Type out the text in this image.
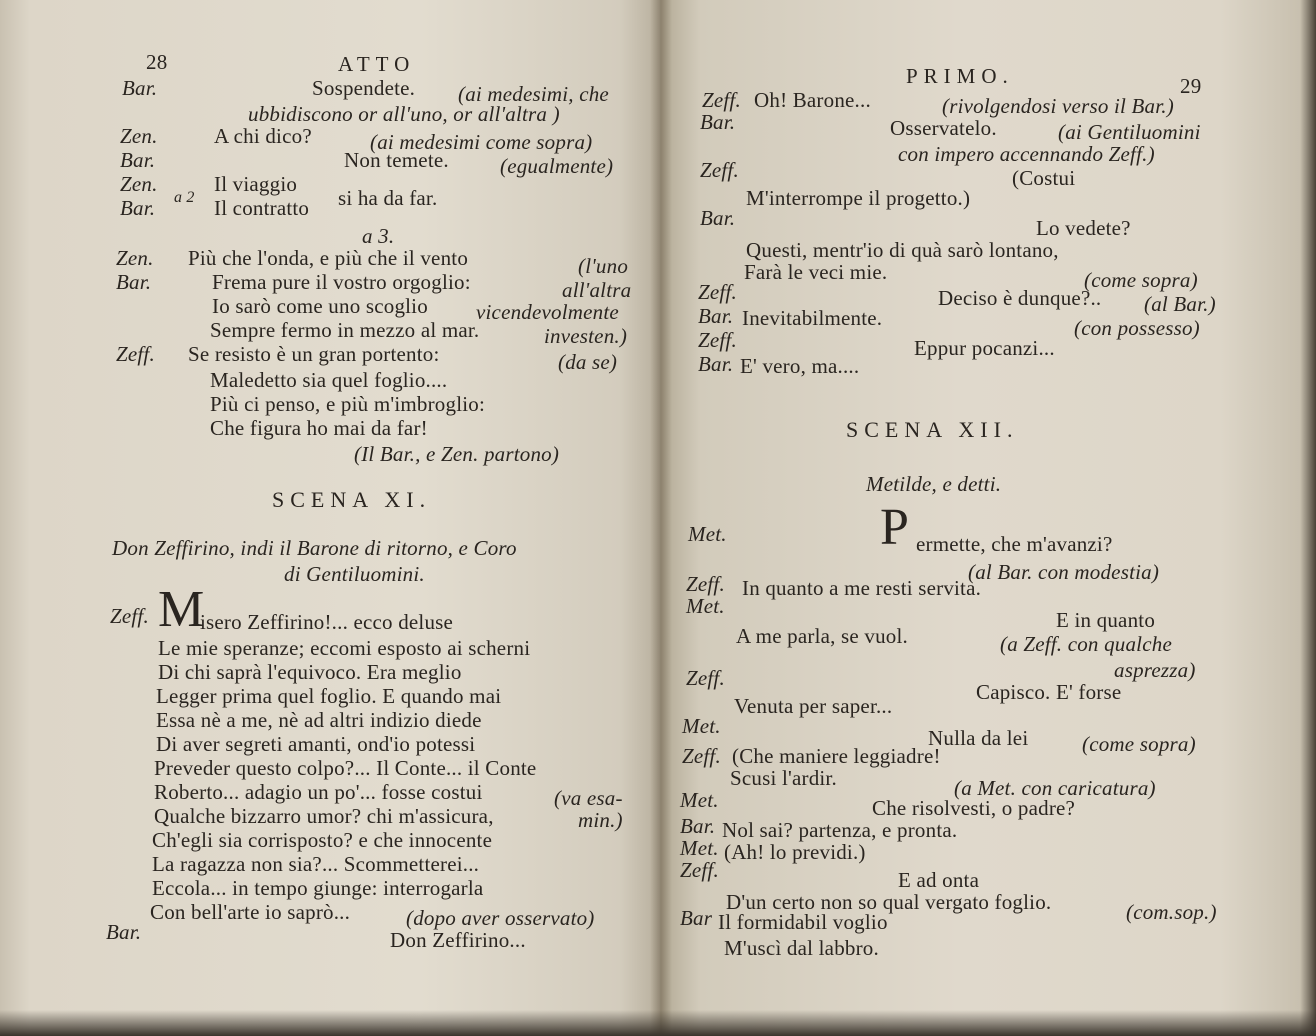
28	ATTO
Bar.	Sospendete. (ai medesimi, che
ubbidiscono or all'uno, or all'altra )
Zen.	A chi dico?	(ai medesimi come sopra)
Bar.	Non temete. (egualmente)
Zen.	Il viaggio
Bar. a 2 Il contratto si ha da far.
a 3.
Zen. Più che l'onda, e più che il vento	(l'uno
Bar.	Frema pure il vostro orgoglio:	all'altra
Io sarò come uno scoglio vicendevolmente
Sempre fermo in mezzo al mar.	investen.)
Zeff. Se resisto è un gran portento:	(da se)
Maledetto sia quel foglio....
Più ci penso, e più m'imbroglio:
Che figura ho mai da far!
(Il Bar., e Zen. partono)
SCENA XI.
Don Zeffirino, indi il Barone di ritorno, e Coro
di Gentiluomini.
Zeff. M
isero Zeffirino!... ecco deluse
Le mie speranze; eccomi esposto ai scherni
Di chi saprà l'equivoco. Era meglio
Legger prima quel foglio. E quando mai
Essa nè a me, nè ad altri indizio diede
Di aver segreti amanti, ond'io potessi
Preveder questo colpo?... Il Conte... il Conte
Roberto... adagio un po'... fosse costui	(va esa-
Qualche bizzarro umor? chi m'assicura,	min.)
Ch'egli sia corrisposto? e che innocente
La ragazza non sia?... Scommetterei...
Eccola... in tempo giunge: interrogarla
Con bell'arte io saprò...	(dopo aver osservato)
Bar.	Don Zeffirino...
PRIMO.	29
Zeff. Oh! Barone...	(rivolgendosi verso il Bar.)
Bar.	Osservatelo.	(ai Gentiluomini
con impero accennando Zeff.)
Zeff.	(Costui
M'interrompe il progetto.)
Bar.	Lo vedete?
Questi, mentr'io di quà sarò lontano,
Farà le veci mie.	(come sopra)
Zeff.	Deciso è dunque?.. (al Bar.)
Bar. Inevitabilmente.	(con possesso)
Zeff.	Eppur pocanzi...
Bar. E' vero, ma....
SCENA XII.
Metilde, e detti.
Met.	P ermette, che m'avanzi?
(al Bar. con modestia)
Zeff. In quanto a me resti servita.
Met.
E in quanto
A me parla, se vuol.	(a Zeff. con qualche
asprezza)
Zeff.
Capisco. E' forse
Venuta per saper...
Met.	Nulla da lei	(come sopra)
Zeff. (Che maniere leggiadre!
Scusi l'ardir.	(a Met. con caricatura)
Met.	Che risolvesti, o padre?
Bar. Nol sai? partenza, e pronta.
Met. (Ah! lo previdi.)
Zeff.	E ad onta
D'un certo non so qual vergato foglio.	(com.sop.)
Bar Il formidabil voglio
M'uscì dal labbro.
